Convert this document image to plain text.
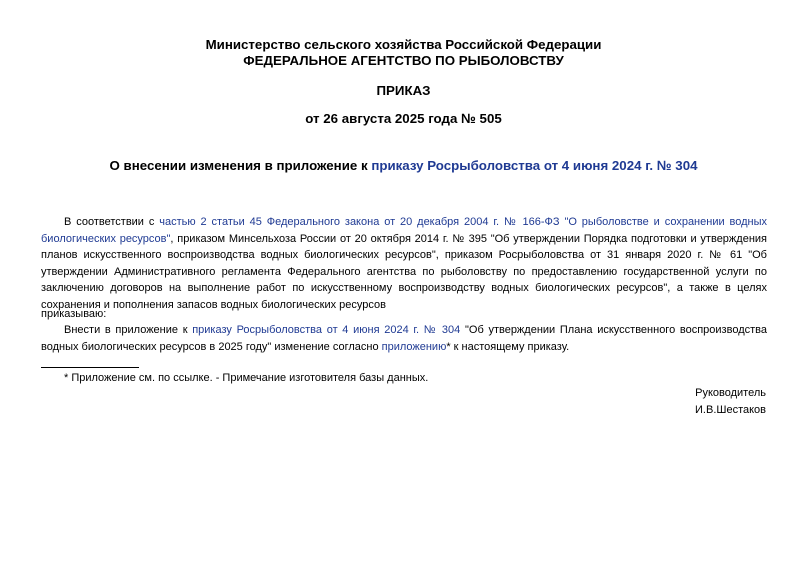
Министерство сельского хозяйства Российской Федерации
ФЕДЕРАЛЬНОЕ АГЕНТСТВО ПО РЫБОЛОВСТВУ
ПРИКАЗ
от 26 августа 2025 года № 505
О внесении изменения в приложение к приказу Росрыболовства от 4 июня 2024 г. № 304
В соответствии с частью 2 статьи 45 Федерального закона от 20 декабря 2004 г. № 166-ФЗ "О рыболовстве и сохранении водных биологических ресурсов", приказом Минсельхоза России от 20 октября 2014 г. № 395 "Об утверждении Порядка подготовки и утверждения планов искусственного воспроизводства водных биологических ресурсов", приказом Росрыболовства от 31 января 2020 г. № 61 "Об утверждении Административного регламента Федерального агентства по рыболовству по предоставлению государственной услуги по заключению договоров на выполнение работ по искусственному воспроизводству водных биологических ресурсов", а также в целях сохранения и пополнения запасов водных биологических ресурсов
приказываю:
Внести в приложение к приказу Росрыболовства от 4 июня 2024 г. № 304 "Об утверждении Плана искусственного воспроизводства водных биологических ресурсов в 2025 году" изменение согласно приложению* к настоящему приказу.
* Приложение см. по ссылке. - Примечание изготовителя базы данных.
Руководитель
И.В.Шестаков
